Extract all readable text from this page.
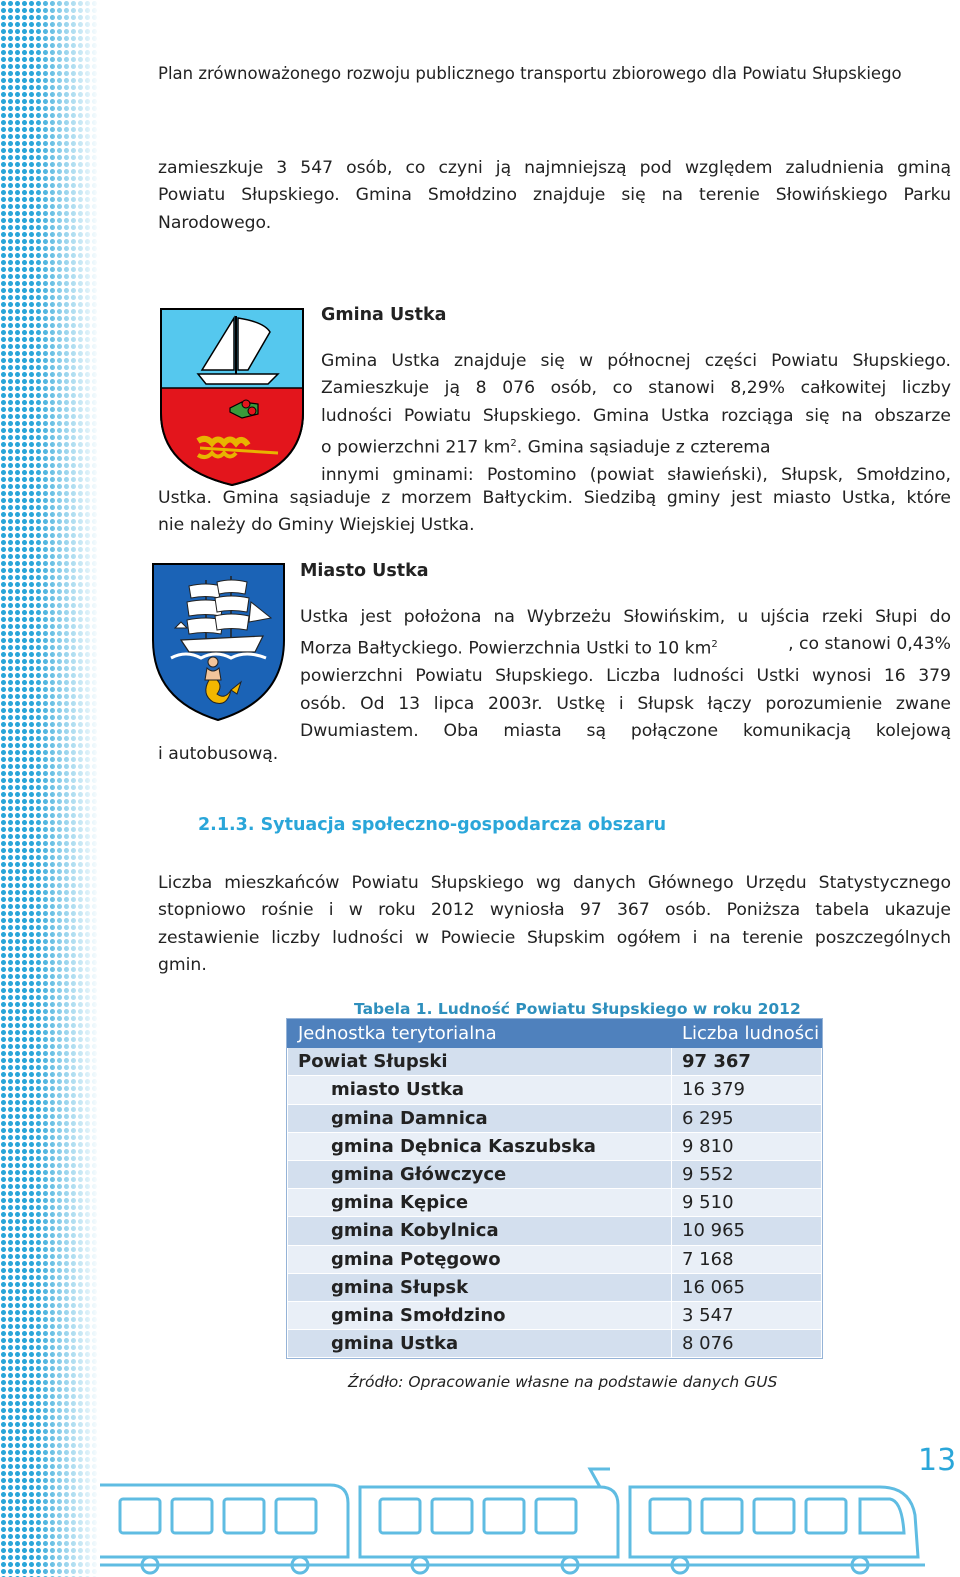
Plan zrównoważonego rozwoju publicznego transportu zbiorowego dla Powiatu Słupskiego
zamieszkuje 3 547 osób, co czyni ją najmniejszą pod względem zaludnienia gminą
Powiatu Słupskiego. Gmina Smołdzino znajduje się na terenie Słowińskiego Parku
Narodowego.
Gmina Ustka
Gmina Ustka znajduje się w północnej części Powiatu Słupskiego.
Zamieszkuje ją 8 076 osób, co stanowi 8,29% całkowitej liczby
ludności Powiatu Słupskiego. Gmina Ustka rozciąga się na obszarze
o powierzchni 217 $km^2$. Gmina sąsiaduje z czterema
innymi gminami: Postomino (powiat sławieński), Słupsk, Smołdzino,
Ustka. Gmina sąsiaduje z morzem Bałtyckim. Siedzibą gminy jest miasto Ustka, które
nie należy do Gminy Wiejskiej Ustka.
Miasto Ustka
Ustka jest położona na Wybrzeżu Słowińskim, u ujścia rzeki Słupi do
Morza Bałtyckiego. Powierzchnia Ustki to 10 $km^2$	, co stanowi 0,43%
powierzchni Powiatu Słupskiego. Liczba ludności Ustki wynosi 16 379
osób. Od 13 lipca 2003r. Ustkę i Słupsk łączy porozumienie zwane
Dwumiastem. Oba miasta są połączone komunikacją kolejową
i autobusową.
2.1.3. Sytuacja społeczno-gospodarcza obszaru
Liczba mieszkańców Powiatu Słupskiego wg danych Głównego Urzędu Statystycznego
stopniowo rośnie i w roku 2012 wyniosła 97 367 osób. Poniższa tabela ukazuje
zestawienie liczby ludności w Powiecie Słupskim ogółem i na terenie poszczególnych
gmin.
Tabela 1. Ludność Powiatu Słupskiego w roku 2012
Jednostka terytorialna	Liczba ludności
Powiat Słupski	97 367
miasto Ustka	16 379
gmina Damnica	6 295
gmina Dębnica Kaszubska	9 810
gmina Główczyce	9 552
gmina Kępice	9 510
gmina Kobylnica	10 965
gmina Potęgowo	7 168
gmina Słupsk	16 065
gmina Smołdzino	3 547
gmina Ustka	8 076
Źródło: Opracowanie własne na podstawie danych GUS
13
